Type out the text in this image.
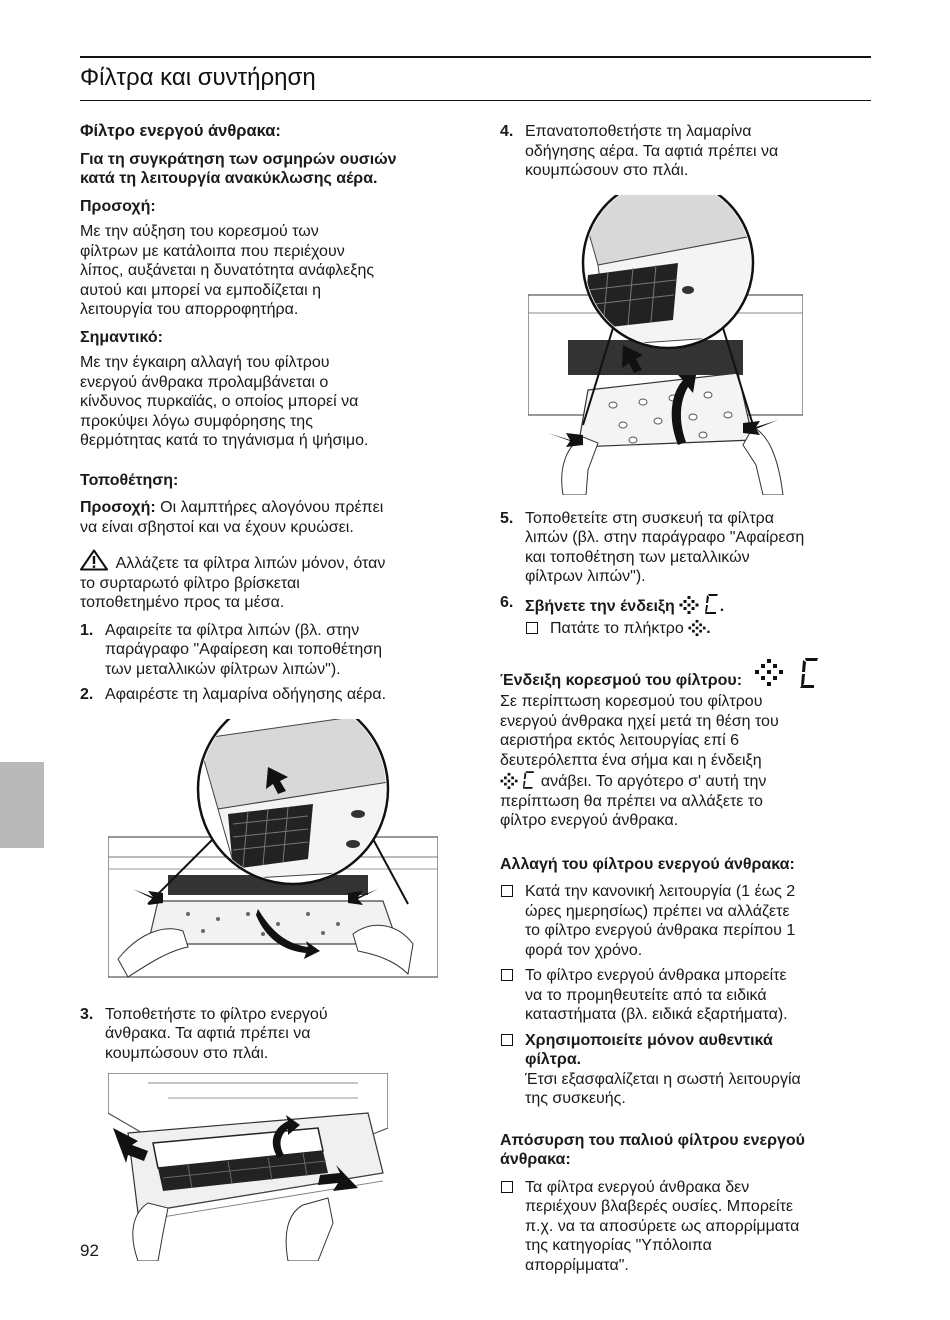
Φίλτρα και συντήρηση
Φίλτρο ενεργού άνθρακα:
Για τη συγκράτηση των οσμηρών ουσιών
κατά τη λειτουργία ανακύκλωσης αέρα.
Προσοχή:

Με την αύξηση του κορεσμού των
φίλτρων με κατάλοιπα που περιέχουν
λίπος, αυξάνεται η δυνατότητα ανάφλεξης
αυτού και μπορεί να εμποδίζεται η
λειτουργία του απορροφητήρα.

Σημαντικό:

Με την έγκαιρη αλλαγή του φίλτρου
ενεργού άνθρακα προλαμβάνεται ο
κίνδυνος πυρκαϊάς, ο οποίος μπορεί να
προκύψει λόγω συμφόρησης της
θερμότητας κατά το τηγάνισμα ή ψήσιμο.

Τοποθέτηση:

Προσοχή: Οι λαμπτήρες αλογόνου πρέπει
να είναι σβηστοί και να έχουν κρυώσει.

Αλλάζετε τα φίλτρα λιπών μόνον, όταν
το συρταρωτό φίλτρο βρίσκεται
τοποθετημένο προς τα μέσα.

1. Αφαιρείτε τα φίλτρα λιπών (βλ. στην
παράγραφο "Αφαίρεση και τοποθέτηση
των μεταλλικών φίλτρων λιπών").
2. Αφαιρέστε τη λαμαρίνα οδήγησης αέρα.
3. Τοποθετήστε το φίλτρο ενεργού
άνθρακα. Τα αφτιά πρέπει να
κουμπώσουν στο πλάι.
4. Επανατοποθετήστε τη λαμαρίνα
οδήγησης αέρα. Τα αφτιά πρέπει να
κουμπώσουν στο πλάι.
5. Τοποθετείτε στη συσκευή τα φίλτρα
λιπών (βλ. στην παράγραφο "Αφαίρεση
και τοποθέτηση των μεταλλικών
φίλτρων λιπών").
6. Σβήνετε την ένδειξη	.
Πατάτε το πλήκτρο .
Ένδειξη κορεσμού του φίλτρου:

Σε περίπτωση κορεσμού του φίλτρου
ενεργού άνθρακα ηχεί μετά τη θέση του
αεριστήρα εκτός λειτουργίας επί 6
δευτερόλεπτα ένα σήμα και η ένδειξη
ανάβει. Το αργότερο σ' αυτή την
περίπτωση θα πρέπει να αλλάξετε το
φίλτρο ενεργού άνθρακα.

Αλλαγή του φίλτρου ενεργού άνθρακα:
Κατά την κανονική λειτουργία (1 έως 2
ώρες ημερησίως) πρέπει να αλλάζετε
το φίλτρο ενεργού άνθρακα περίπου 1
φορά τον χρόνο.
Το φίλτρο ενεργού άνθρακα μπορείτε
να το προμηθευτείτε από τα ειδικά
καταστήματα (βλ. ειδικά εξαρτήματα).
Χρησιμοποιείτε μόνον αυθεντικά
φίλτρα.
Έτσι εξασφαλίζεται η σωστή λειτουργία
της συσκευής.
Απόσυρση του παλιού φίλτρου ενεργού
άνθρακα:
Τα φίλτρα ενεργού άνθρακα δεν
περιέχουν βλαβερές ουσίες. Μπορείτε
π.χ. να τα αποσύρετε ως απορρίμματα
της κατηγορίας "Υπόλοιπα
απορρίμματα".
92
